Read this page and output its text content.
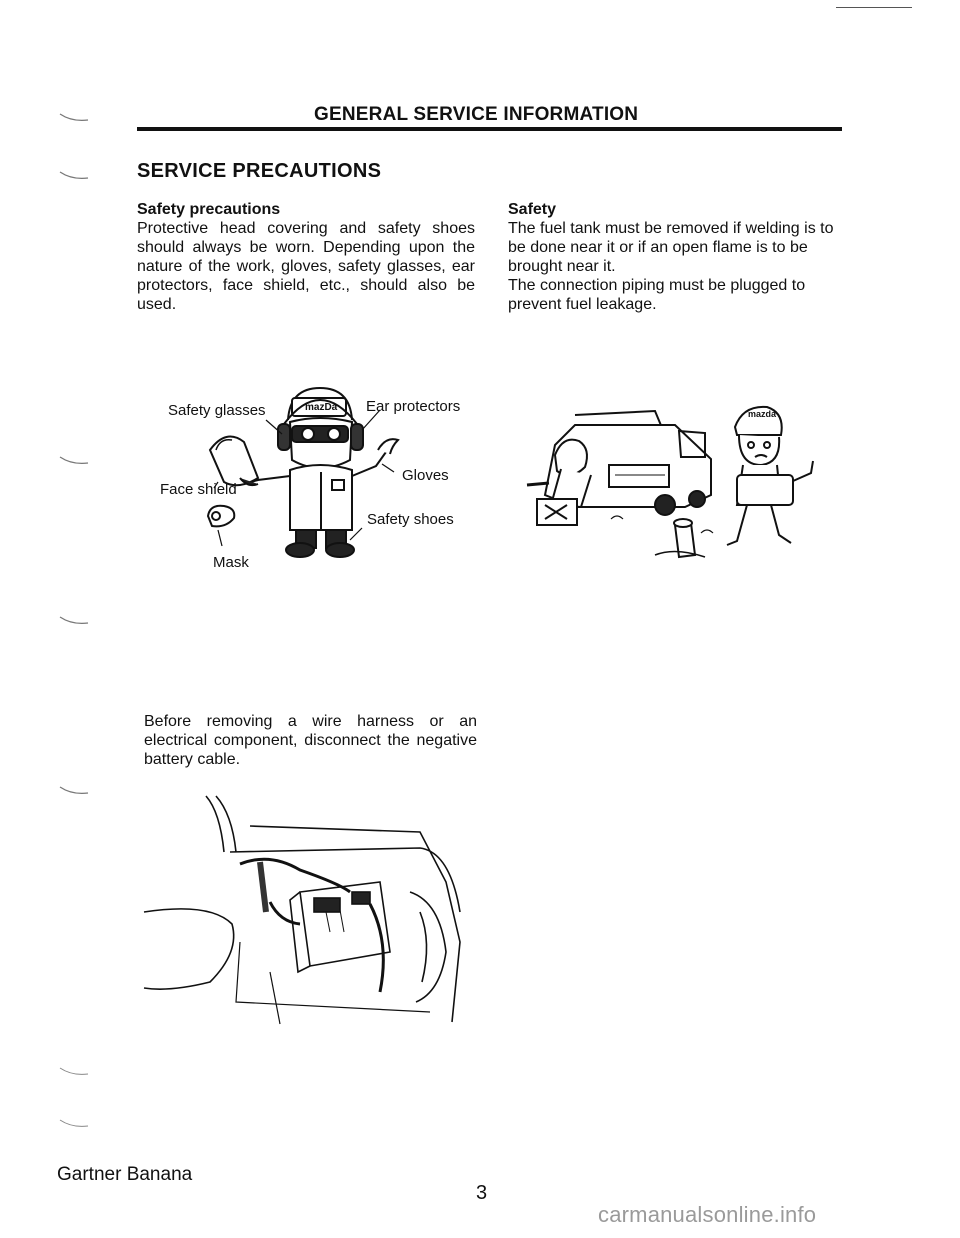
GENERAL SERVICE INFORMATION
SERVICE PRECAUTIONS
Safety precautions
Protective head covering and safety shoes should always be worn. Depending upon the nature of the work, gloves, safety glasses, ear protectors, face shield, etc., should also be used.
Safety
The fuel tank must be removed if welding is to be done near it or if an open flame is to be brought near it.
The connection piping must be plugged to prevent fuel leakage.
mazDa
Safety glasses	Ear protectors
Face shield
Gloves
Safety shoes
Mask
mazda
Before removing a wire harness or an electrical component, disconnect the negative battery cable.
Gartner Banana
3
carmanualsonline.info
